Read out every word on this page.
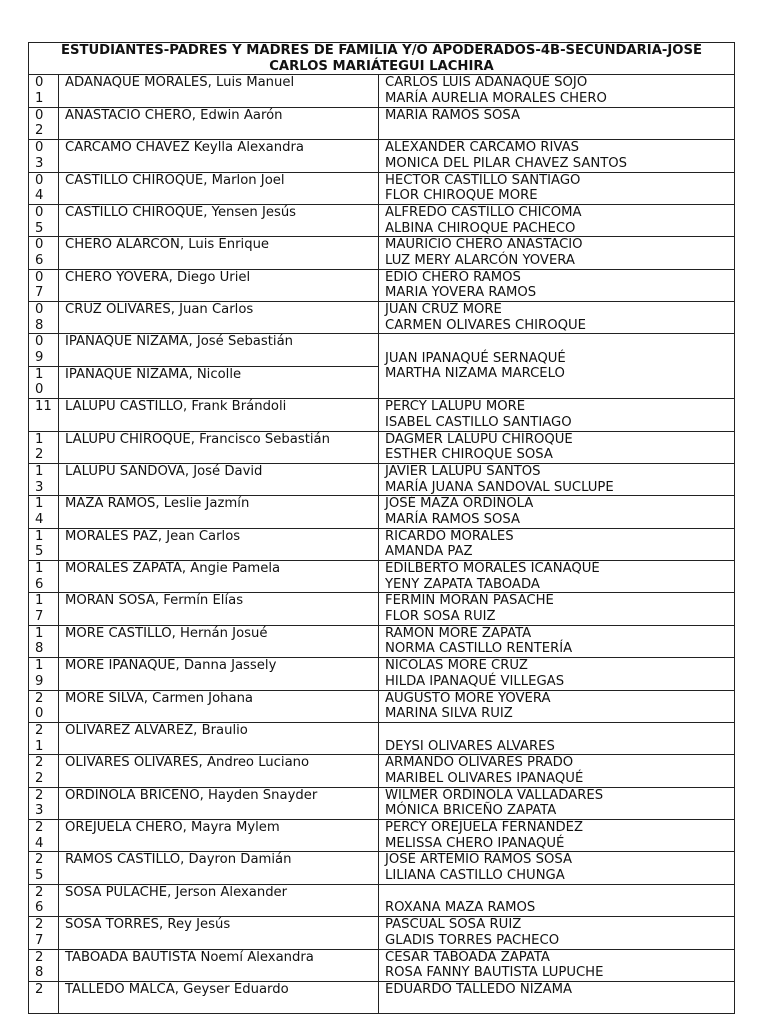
ESTUDIANTES-PADRES Y MADRES DE FAMILIA Y/O APODERADOS-4B-SECUNDARIA-JOSÉ
CARLOS MARIÁTEGUI LACHIRA		

0
1	ADANAQUE MORALES, Luis Manuel	CARLOS LUIS ADANAQUÉ SOJO
MARÍA AURELIA MORALES CHERO

0
2	ANASTACIO CHERO, Edwin Aarón	MARÍA RAMOS SOSA

0
3	CARCAMO CHAVEZ Keylla Alexandra	ALEXANDER CARCAMO RIVAS
MONICA DEL PILAR CHAVEZ SANTOS

0
4	CASTILLO CHIROQUE, Marlon Joel	HECTOR CASTILLO SANTIAGO
FLOR CHIROQUE MORE

0
5	CASTILLO CHIROQUE, Yensen Jesús	ALFREDO CASTILLO CHICOMA
ALBINA CHIROQUE PACHECO

0
6	CHERO ALARCON, Luis Enrique	MAURICIO CHERO ANASTACIO
LUZ MERY ALARCÓN YOVERA

0
7	CHERO YOVERA, Diego Uriel	EDIO CHERO RAMOS
MARIA YOVERA RAMOS

0
8	CRUZ OLIVARES, Juan Carlos	JUAN CRUZ MORE
CARMEN OLIVARES CHIROQUE

0
9	IPANAQUE NIZAMA, José Sebastián	JUAN IPANAQUÉ SERNAQUÉ
MARTHA NIZAMA MARCELO

1
0	IPANAQUE NIZAMA, Nicolle	

11	LALUPU CASTILLO, Frank Brándoli	PERCY LALUPÚ MORE
ISABEL CASTILLO SANTIAGO

1
2	LALUPU CHIROQUE, Francisco Sebastián	DAGMER LALUPÚ CHIROQUE
ESTHER CHIROQUE SOSA

1
3	LALUPU SANDOVA, José David	JAVIER LALUPÚ SANTOS
MARÍA JUANA SANDOVAL SUCLUPE

1
4	MAZA RAMOS, Leslie Jazmín	JOSÉ MAZA ORDINOLA
MARÍA RAMOS SOSA

1
5	MORALES PAZ, Jean Carlos	RICARDO MORALES
AMANDA PAZ

1
6	MORALES ZAPATA, Angie Pamela	EDILBERTO MORALES ICANAQUÉ
YENY ZAPATA TABOADA

1
7	MORAN SOSA, Fermín Elías	FERMIN MORAN PASACHE
FLOR SOSA RUIZ

1
8	MORE CASTILLO, Hernán Josué	RAMON MORE ZAPATA
NORMA CASTILLO RENTERÍA

1
9	MORE IPANAQUE, Danna Jassely	NICOLAS MORE CRUZ
HILDA IPANAQUÉ VILLEGAS

2
0	MORE SILVA, Carmen Johana	AUGUSTO MORE YOVERA
MARINA SILVA RUIZ

2
1	OLIVAREZ ALVAREZ, Braulio	DEYSI OLIVARES ALVARES

2
2	OLIVARES OLIVARES, Andreo Luciano	ARMANDO OLIVARES PRADO
MARIBEL OLIVARES IPANAQUÉ

2
3	ORDINOLA BRICEÑO, Hayden Snayder	WILMER ORDINOLA VALLADARES
MÓNICA BRICEÑO ZAPATA

2
4	OREJUELA CHERO, Mayra Mylem	PERCY OREJUELA FERNÁNDEZ
MELISSA CHERO IPANAQUÉ

2
5	RAMOS CASTILLO, Dayron Damián	JOSÉ ARTEMIO RAMOS SOSA
LILIANA CASTILLO CHUNGA

2
6	SOSA PULACHE, Jerson Alexander	ROXANA MAZA RAMOS

2
7	SOSA TORRES, Rey Jesús	PASCUAL SOSA RUIZ
GLADIS TORRES PACHECO

2
8	TABOADA BAUTISTA Noemí Alexandra	CESAR TABOADA ZAPATA
ROSA FANNY BAUTISTA LUPUCHE

2	TALLEDO MALCA, Geyser Eduardo	EDUARDO TALLEDO NIZAMA
